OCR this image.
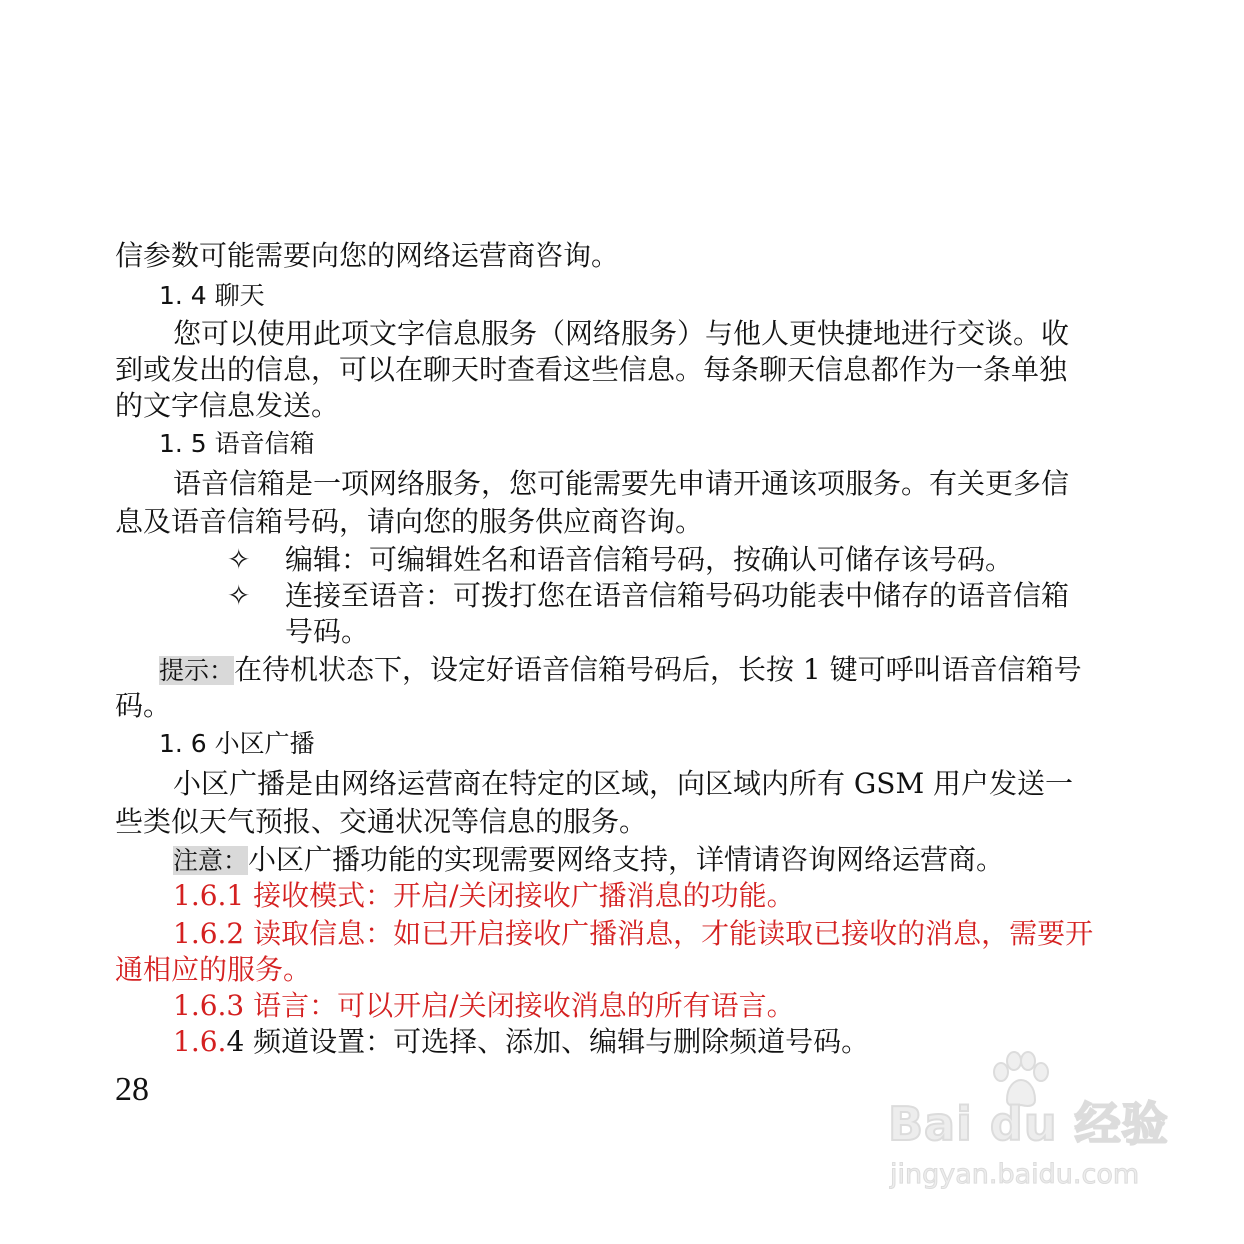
信参数可能需要向您的网络运营商咨询。
1. 4 聊天
您可以使用此项文字信息服务（网络服务）与他人更快捷地进行交谈。收
到或发出的信息，可以在聊天时查看这些信息。每条聊天信息都作为一条单独
的文字信息发送。
1. 5 语音信箱
语音信箱是一项网络服务，您可能需要先申请开通该项服务。有关更多信
息及语音信箱号码，请向您的服务供应商咨询。
✧ 编辑：可编辑姓名和语音信箱号码，按确认可储存该号码。
✧ 连接至语音：可拨打您在语音信箱号码功能表中储存的语音信箱
号码。
提示：在待机状态下，设定好语音信箱号码后，长按 1 键可呼叫语音信箱号
码。
1. 6 小区广播
小区广播是由网络运营商在特定的区域，向区域内所有 GSM 用户发送一
些类似天气预报、交通状况等信息的服务。
注意：小区广播功能的实现需要网络支持，详情请咨询网络运营商。
1.6.1 接收模式：开启/关闭接收广播消息的功能。
1.6.2 读取信息：如已开启接收广播消息，才能读取已接收的消息，需要开
通相应的服务。
1.6.3 语言：可以开启/关闭接收消息的所有语言。
1.6.4 频道设置：可选择、添加、编辑与删除频道号码。
28
Bai du 经验
jingyan.baidu.com
